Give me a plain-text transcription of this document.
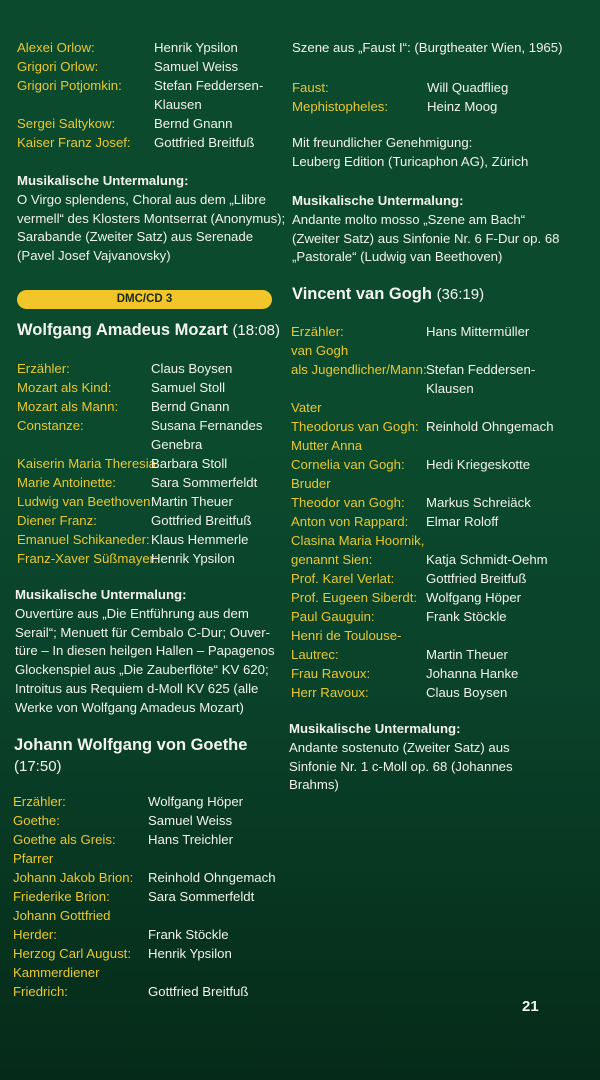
Alexei Orlow:	Henrik Ypsilon
Grigori Orlow:	Samuel Weiss
Grigori Potjomkin: Stefan Feddersen-
Klausen
Sergei Saltykow:	Bernd Gnann
Kaiser Franz Josef: Gottfried Breitfuß
Musikalische Untermalung:
O Virgo splendens, Choral aus dem „Llibre
vermell“ des Klosters Montserrat (Anonymus);
Sarabande (Zweiter Satz) aus Serenade
(Pavel Josef Vajvanovsky)
DMC/CD 3
Wolfgang Amadeus Mozart (18:08)
Erzähler:	Claus Boysen
Mozart als Kind:	Samuel Stoll
Mozart als Mann: Bernd Gnann
Constanze:	Susana Fernandes
Genebra
Kaiserin Maria Theresia:
Barbara Stoll
Marie Antoinette:	Sara Sommerfeldt
Ludwig van Beethoven:
Martin Theuer
Diener Franz:	Gottfried Breitfuß
Emanuel Schikaneder: Klaus Hemmerle
Franz-Xaver Süßmayer:
Henrik Ypsilon
Musikalische Untermalung:
Ouvertüre aus „Die Entführung aus dem
Serail“; Menuett für Cembalo C-Dur; Ouver-
türe – In diesen heilgen Hallen – Papagenos
Glockenspiel aus „Die Zauberflöte“ KV 620;
Introitus aus Requiem d-Moll KV 625 (alle
Werke von Wolfgang Amadeus Mozart)
Johann Wolfgang von Goethe
(17:50)
Erzähler:	Wolfgang Höper
Goethe:	Samuel Weiss
Goethe als Greis: Hans Treichler
Pfarrer
Johann Jakob Brion: Reinhold Ohngemach
Friederike Brion:	Sara Sommerfeldt
Johann Gottfried
Herder:	Frank Stöckle
Herzog Carl August: Henrik Ypsilon
Kammerdiener
Friedrich:	Gottfried Breitfuß
Szene aus „Faust I“: (Burgtheater Wien, 1965)
Faust:	Will Quadflieg
Mephistopheles:	Heinz Moog
Mit freundlicher Genehmigung:
Leuberg Edition (Turicaphon AG), Zürich
Musikalische Untermalung:
Andante molto mosso „Szene am Bach“
(Zweiter Satz) aus Sinfonie Nr. 6 F-Dur op. 68
„Pastorale“ (Ludwig van Beethoven)
Vincent van Gogh (36:19)
Erzähler:	Hans Mittermüller
van Gogh
als Jugendlicher/Mann: Stefan Feddersen-
Klausen
Vater
Theodorus van Gogh: Reinhold Ohngemach
Mutter Anna
Cornelia van Gogh: Hedi Kriegeskotte
Bruder
Theodor van Gogh: Markus Schreiäck
Anton von Rappard: Elmar Roloff
Clasina Maria Hoornik,
genannt Sien:	Katja Schmidt-Oehm
Prof. Karel Verlat: Gottfried Breitfuß
Prof. Eugeen Siberdt: Wolfgang Höper
Paul Gauguin:	Frank Stöckle
Henri de Toulouse-
Lautrec:	Martin Theuer
Frau Ravoux:	Johanna Hanke
Herr Ravoux:	Claus Boysen
Musikalische Untermalung:
Andante sostenuto (Zweiter Satz) aus
Sinfonie Nr. 1 c-Moll op. 68 (Johannes
Brahms)
21
